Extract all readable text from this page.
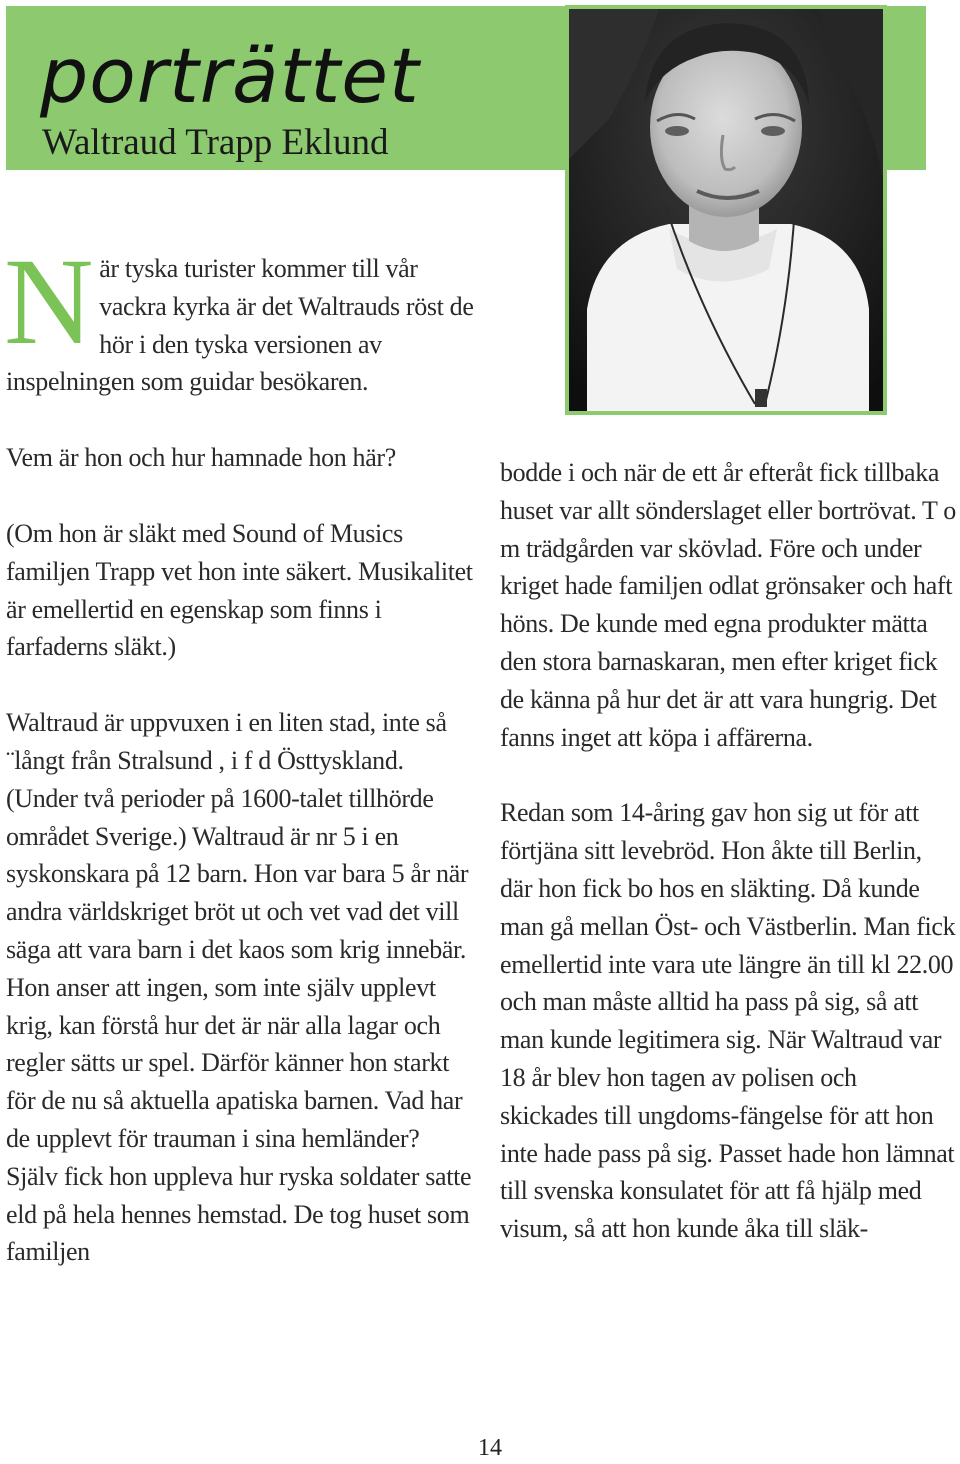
porträttet
Waltraud Trapp Eklund

När tyska turister kommer till vår vackra kyrka är det Waltrauds röst de hör i den tyska versionen av inspelningen som guidar besökaren.

Vem är hon och hur hamnade hon här?

(Om hon är släkt med Sound of Musics familjen Trapp vet hon inte säkert. Musikalitet är emellertid en egenskap som finns i farfaderns släkt.)

Waltraud är uppvuxen i en liten stad, inte så ¨långt från Stralsund , i f d Östtyskland. (Under två perioder på 1600-talet tillhörde området Sverige.) Waltraud är nr 5 i en syskonskara på 12 barn. Hon var bara 5 år när andra världskriget bröt ut och vet vad det vill säga att vara barn i det kaos som krig innebär. Hon anser att ingen, som inte själv upplevt krig, kan förstå hur det är när alla lagar och regler sätts ur spel. Därför känner hon starkt för de nu så aktuella apatiska barnen. Vad har de upplevt för trauman i sina hemländer? Själv fick hon uppleva hur ryska soldater satte eld på hela hennes hemstad. De tog huset som familjen

bodde i och när de ett år efteråt fick tillbaka huset var allt sönderslaget eller bortrövat. T o m trädgården var skövlad. Före och under kriget hade familjen odlat grönsaker och haft höns. De kunde med egna produkter mätta den stora barnaskaran, men efter kriget fick de känna på hur det är att vara hungrig. Det fanns inget att köpa i affärerna.

Redan som 14-åring gav hon sig ut för att förtjäna sitt levebröd. Hon åkte till Berlin, där hon fick bo hos en släkting. Då kunde man gå mellan Öst- och Västberlin. Man fick emellertid inte vara ute längre än till kl 22.00 och man måste alltid ha pass på sig, så att man kunde legitimera sig. När Waltraud var 18 år blev hon tagen av polisen och skickades till ungdoms-fängelse för att hon inte hade pass på sig. Passet hade hon lämnat till svenska konsulatet för att få hjälp med visum, så att hon kunde åka till släk-

14
